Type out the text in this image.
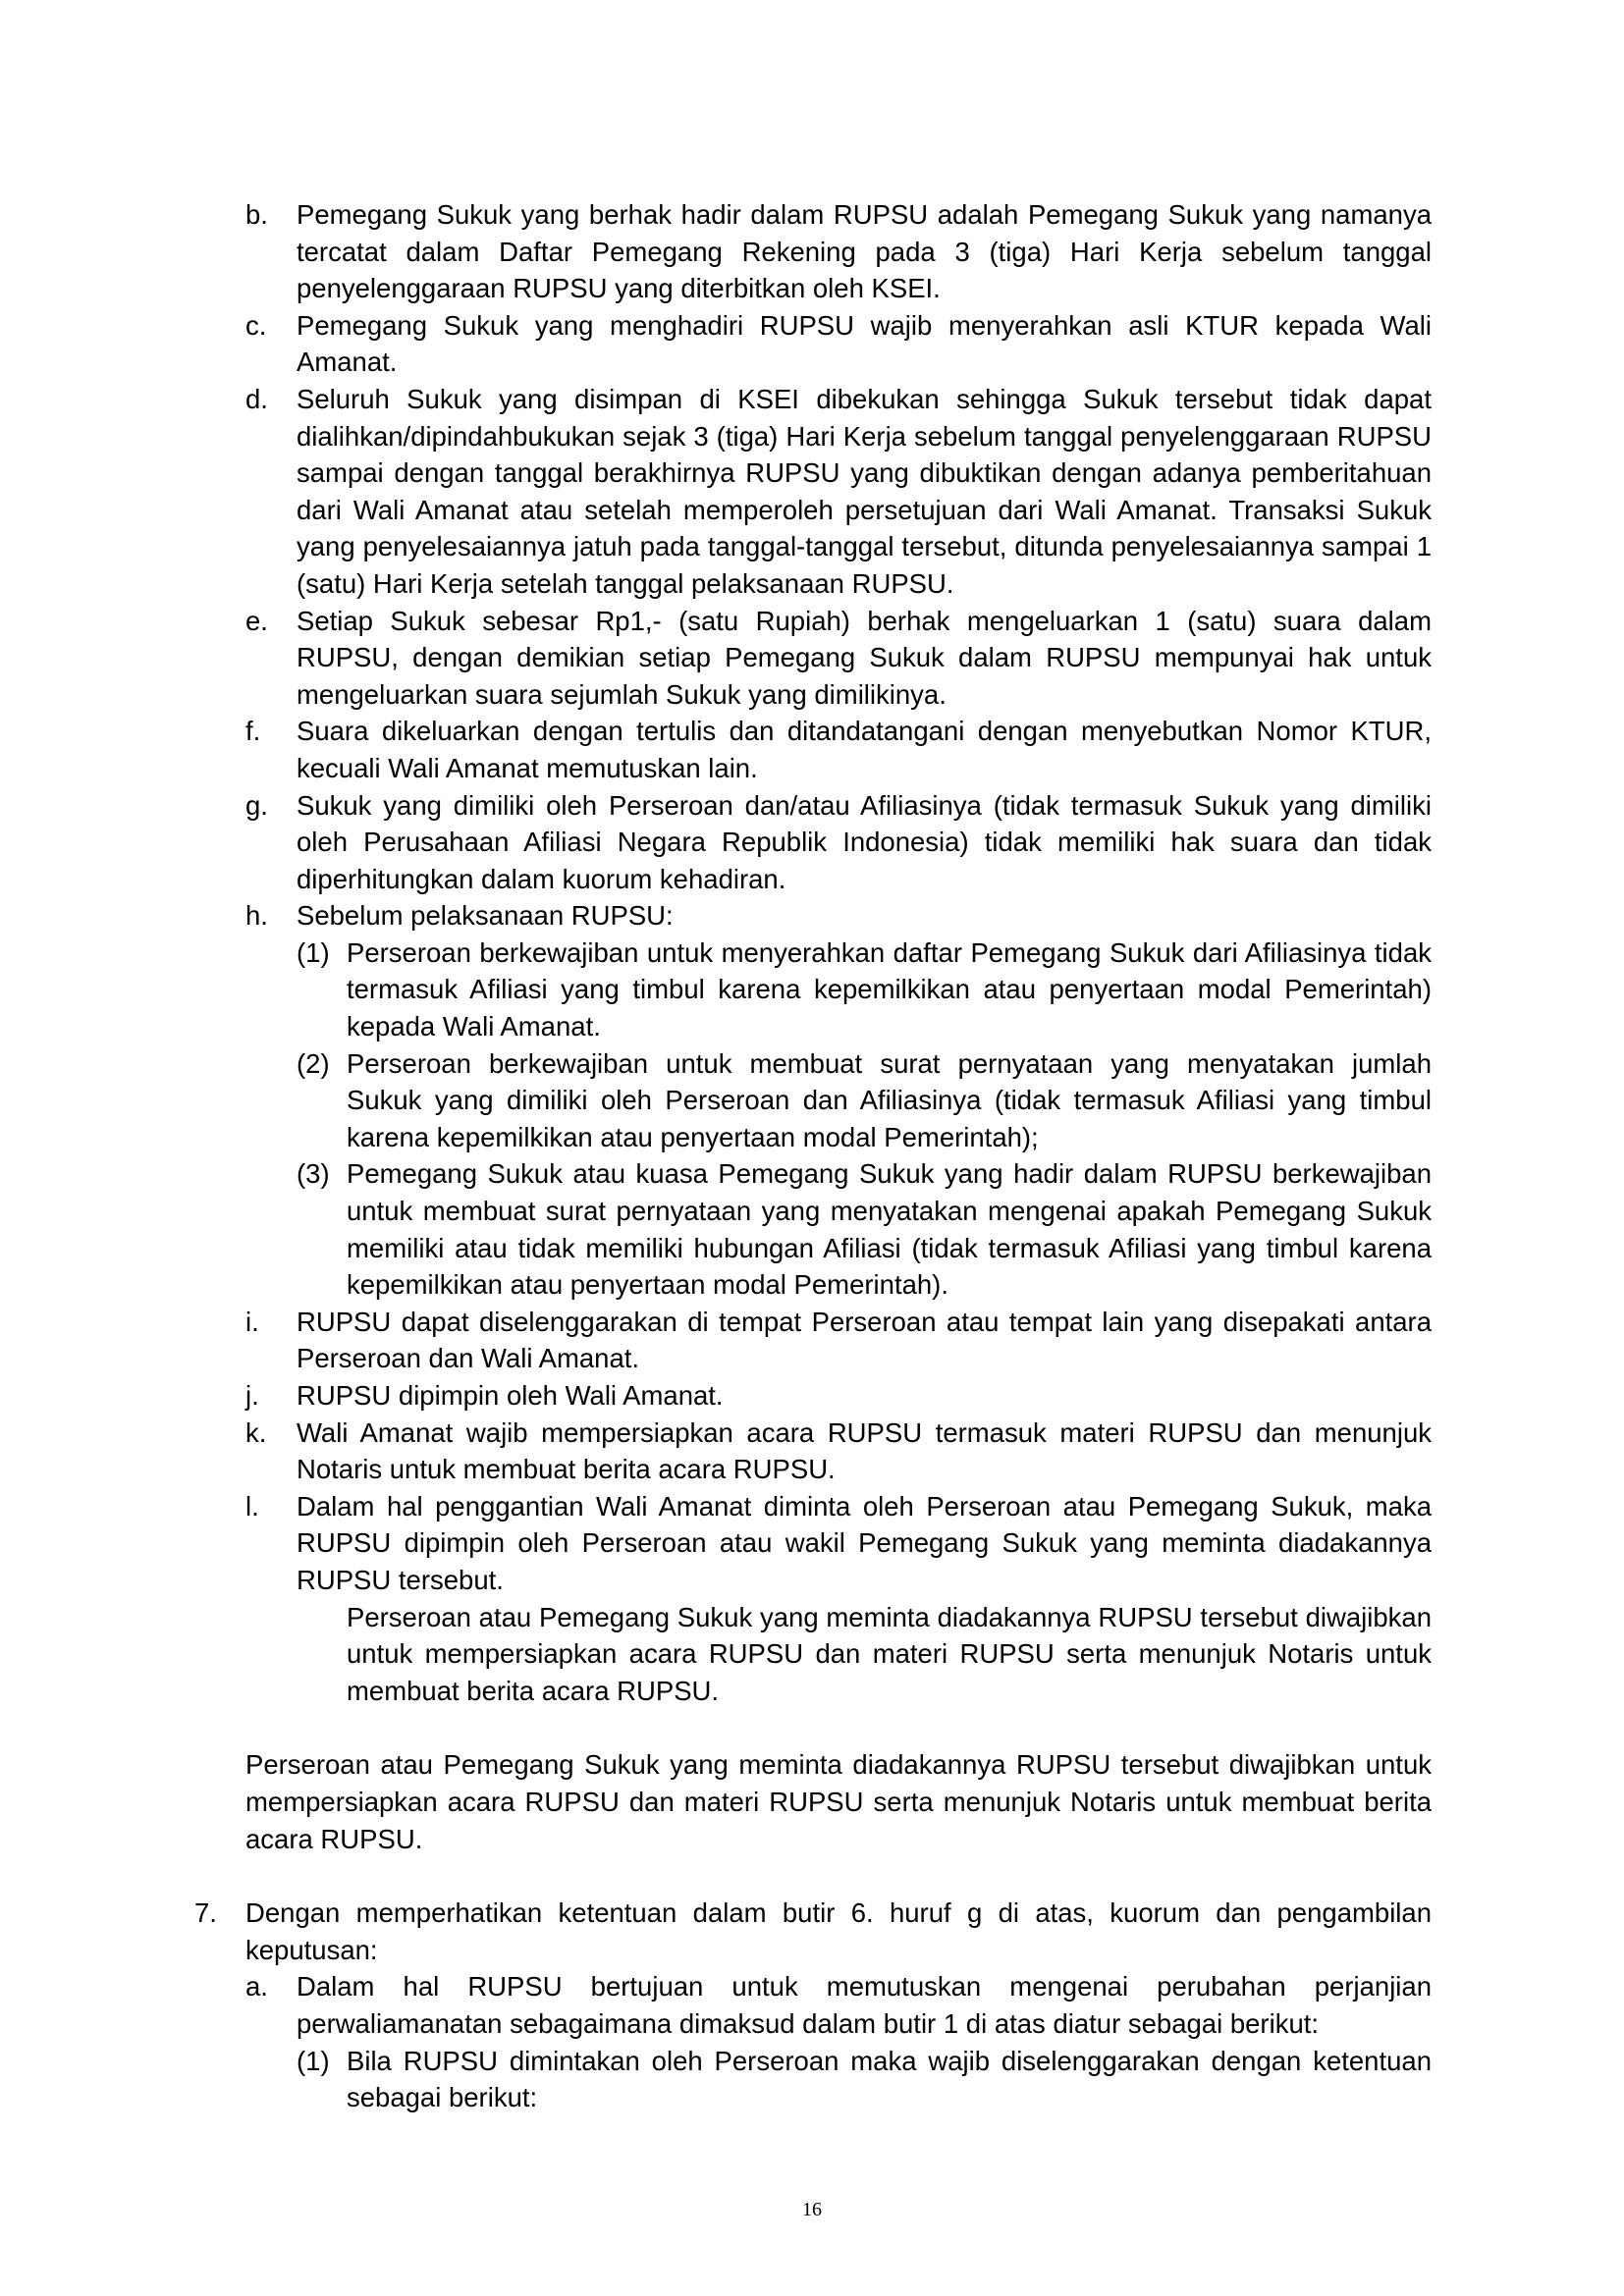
b. Pemegang Sukuk yang berhak hadir dalam RUPSU adalah Pemegang Sukuk yang namanya tercatat dalam Daftar Pemegang Rekening pada 3 (tiga) Hari Kerja sebelum tanggal penyelenggaraan RUPSU yang diterbitkan oleh KSEI.
c. Pemegang Sukuk yang menghadiri RUPSU wajib menyerahkan asli KTUR kepada Wali Amanat.
d. Seluruh Sukuk yang disimpan di KSEI dibekukan sehingga Sukuk tersebut tidak dapat dialihkan/dipindahbukukan sejak 3 (tiga) Hari Kerja sebelum tanggal penyelenggaraan RUPSU sampai dengan tanggal berakhirnya RUPSU yang dibuktikan dengan adanya pemberitahuan dari Wali Amanat atau setelah memperoleh persetujuan dari Wali Amanat. Transaksi Sukuk yang penyelesaiannya jatuh pada tanggal-tanggal tersebut, ditunda penyelesaiannya sampai 1 (satu) Hari Kerja setelah tanggal pelaksanaan RUPSU.
e. Setiap Sukuk sebesar Rp1,- (satu Rupiah) berhak mengeluarkan 1 (satu) suara dalam RUPSU, dengan demikian setiap Pemegang Sukuk dalam RUPSU mempunyai hak untuk mengeluarkan suara sejumlah Sukuk yang dimilikinya.
f. Suara dikeluarkan dengan tertulis dan ditandatangani dengan menyebutkan Nomor KTUR, kecuali Wali Amanat memutuskan lain.
g. Sukuk yang dimiliki oleh Perseroan dan/atau Afiliasinya (tidak termasuk Sukuk yang dimiliki oleh Perusahaan Afiliasi Negara Republik Indonesia) tidak memiliki hak suara dan tidak diperhitungkan dalam kuorum kehadiran.
h. Sebelum pelaksanaan RUPSU:
(1) Perseroan berkewajiban untuk menyerahkan daftar Pemegang Sukuk dari Afiliasinya tidak termasuk Afiliasi yang timbul karena kepemilkikan atau penyertaan modal Pemerintah) kepada Wali Amanat.
(2) Perseroan berkewajiban untuk membuat surat pernyataan yang menyatakan jumlah Sukuk yang dimiliki oleh Perseroan dan Afiliasinya (tidak termasuk Afiliasi yang timbul karena kepemilkikan atau penyertaan modal Pemerintah);
(3) Pemegang Sukuk atau kuasa Pemegang Sukuk yang hadir dalam RUPSU berkewajiban untuk membuat surat pernyataan yang menyatakan mengenai apakah Pemegang Sukuk memiliki atau tidak memiliki hubungan Afiliasi (tidak termasuk Afiliasi yang timbul karena kepemilkikan atau penyertaan modal Pemerintah).
i. RUPSU dapat diselenggarakan di tempat Perseroan atau tempat lain yang disepakati antara Perseroan dan Wali Amanat.
j. RUPSU dipimpin oleh Wali Amanat.
k. Wali Amanat wajib mempersiapkan acara RUPSU termasuk materi RUPSU dan menunjuk Notaris untuk membuat berita acara RUPSU.
l. Dalam hal penggantian Wali Amanat diminta oleh Perseroan atau Pemegang Sukuk, maka RUPSU dipimpin oleh Perseroan atau wakil Pemegang Sukuk yang meminta diadakannya RUPSU tersebut.
Perseroan atau Pemegang Sukuk yang meminta diadakannya RUPSU tersebut diwajibkan untuk mempersiapkan acara RUPSU dan materi RUPSU serta menunjuk Notaris untuk membuat berita acara RUPSU.
Perseroan atau Pemegang Sukuk yang meminta diadakannya RUPSU tersebut diwajibkan untuk mempersiapkan acara RUPSU dan materi RUPSU serta menunjuk Notaris untuk membuat berita acara RUPSU.
7. Dengan memperhatikan ketentuan dalam butir 6. huruf g di atas, kuorum dan pengambilan keputusan:
a. Dalam hal RUPSU bertujuan untuk memutuskan mengenai perubahan perjanjian perwaliamanatan sebagaimana dimaksud dalam butir 1 di atas diatur sebagai berikut:
(1) Bila RUPSU dimintakan oleh Perseroan maka wajib diselenggarakan dengan ketentuan sebagai berikut:
16
